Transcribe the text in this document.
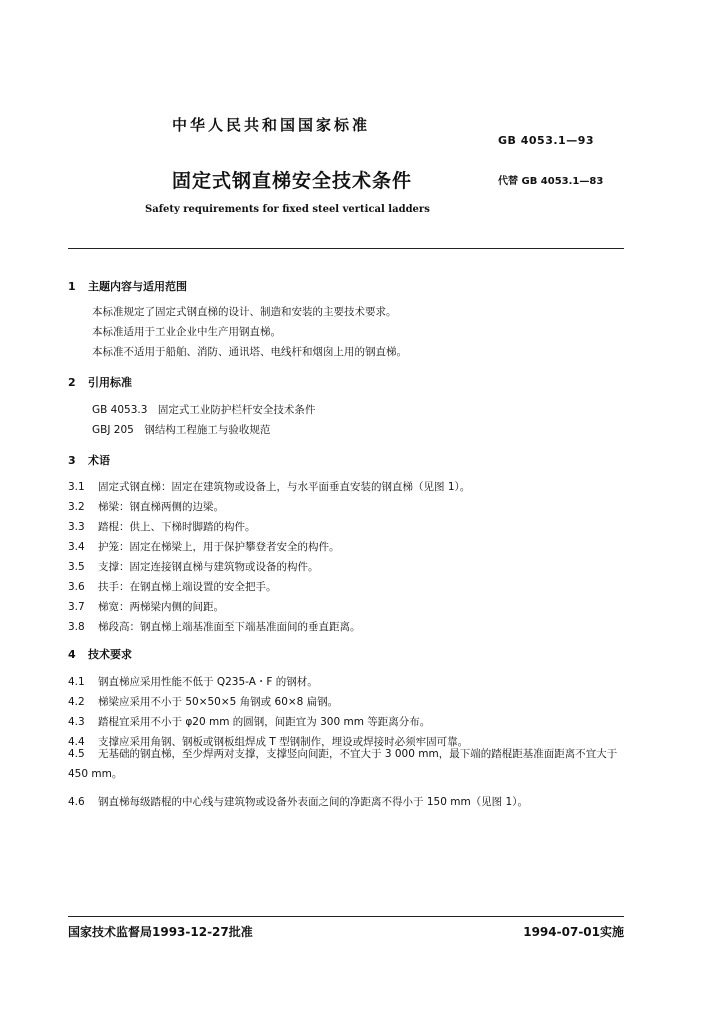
中华人民共和国国家标准
GB 4053.1—93
固定式钢直梯安全技术条件	代替 GB 4053.1—83
Safety requirements for fixed steel vertical ladders
1 主题内容与适用范围
本标准规定了固定式钢直梯的设计、制造和安装的主要技术要求。
本标准适用于工业企业中生产用钢直梯。
本标准不适用于船舶、消防、通讯塔、电线杆和烟囱上用的钢直梯。
2 引用标准
GB 4053.3　固定式工业防护栏杆安全技术条件
GBJ 205　钢结构工程施工与验收规范
3 术语
3.1 固定式钢直梯：固定在建筑物或设备上，与水平面垂直安装的钢直梯（见图 1）。
3.2 梯梁：钢直梯两侧的边梁。
3.3 踏棍：供上、下梯时脚踏的构件。
3.4 护笼：固定在梯梁上，用于保护攀登者安全的构件。
3.5 支撑：固定连接钢直梯与建筑物或设备的构件。
3.6 扶手：在钢直梯上端设置的安全把手。
3.7 梯宽：两梯梁内侧的间距。
3.8 梯段高：钢直梯上端基准面至下端基准面间的垂直距离。
4 技术要求
4.1 钢直梯应采用性能不低于 Q235-A・F 的钢材。
4.2 梯梁应采用不小于 50×50×5 角钢或 60×8 扁钢。
4.3 踏棍宜采用不小于 φ20 mm 的圆钢，间距宜为 300 mm 等距离分布。
4.4 支撑应采用角钢、钢板或钢板组焊成 T 型钢制作，埋设或焊接时必须牢固可靠。
4.5 无基础的钢直梯，至少焊两对支撑，支撑竖向间距，不宜大于 3 000 mm，最下端的踏棍距基准面距离不宜大于 450 mm。
4.6 钢直梯每级踏棍的中心线与建筑物或设备外表面之间的净距离不得小于 150 mm（见图 1）。
国家技术监督局1993-12-27批准	1994-07-01实施
